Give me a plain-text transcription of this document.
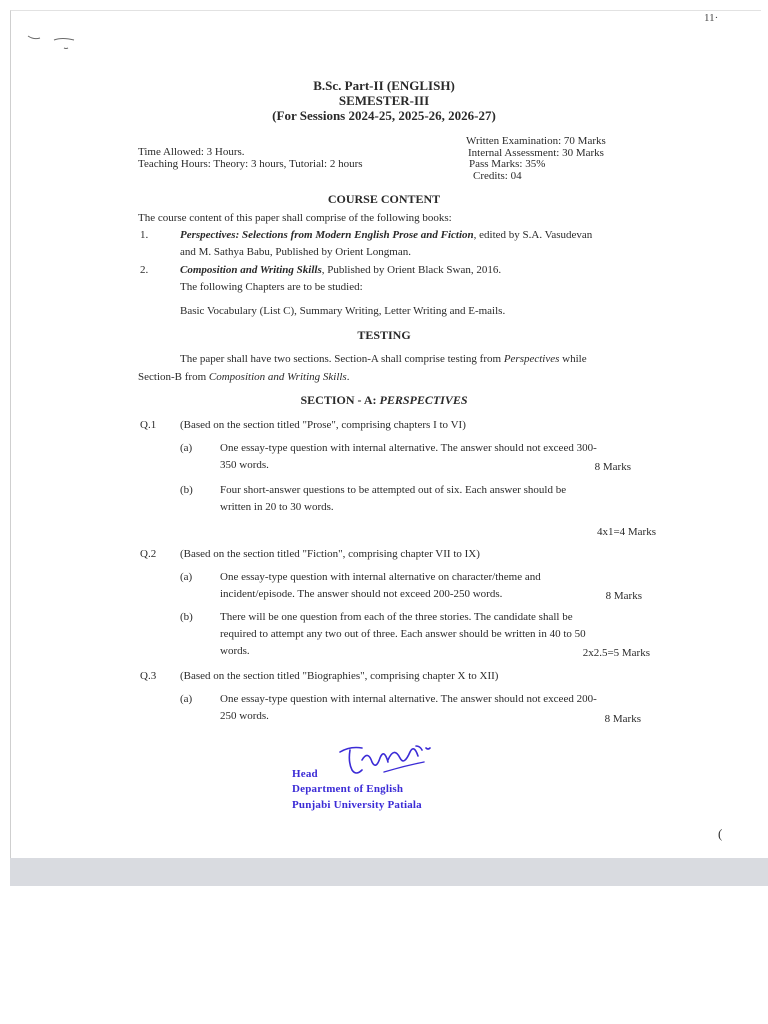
11·
(
B.Sc. Part-II (ENGLISH)
SEMESTER-III
(For Sessions 2024-25, 2025-26, 2026-27)
Written Examination: 70 Marks
Internal Assessment: 30 Marks
Time Allowed: 3 Hours.
Pass Marks: 35%
Teaching Hours: Theory: 3 hours, Tutorial: 2 hours
Credits: 04
COURSE CONTENT
The course content of this paper shall comprise of the following books:
1.	Perspectives: Selections from Modern English Prose and Fiction, edited by S.A. Vasudevan
and M. Sathya Babu, Published by Orient Longman.
2.	Composition and Writing Skills, Published by Orient Black Swan, 2016.
The following Chapters are to be studied:
Basic Vocabulary (List C), Summary Writing, Letter Writing and E-mails.
TESTING
The paper shall have two sections. Section-A shall comprise testing from Perspectives while
Section-B from Composition and Writing Skills.
SECTION - A: PERSPECTIVES
Q.1 (Based on the section titled "Prose", comprising chapters I to VI)
(a)	One essay-type question with internal alternative. The answer should not exceed 300-
350 words.	8 Marks
(b) Four short-answer questions to be attempted out of six. Each answer should be
written in 20 to 30 words.
4x1=4 Marks
Q.2 (Based on the section titled "Fiction", comprising chapter VII to IX)
(a)	One essay-type question with internal alternative on character/theme and
incident/episode. The answer should not exceed 200-250 words.	8 Marks
(b) There will be one question from each of the three stories. The candidate shall be
required to attempt any two out of three. Each answer should be written in 40 to 50
words.	2x2.5=5 Marks
Q.3 (Based on the section titled "Biographies", comprising chapter X to XII)
(a)	One essay-type question with internal alternative. The answer should not exceed 200-
250 words.	8 Marks
Head
Department of English
Punjabi University Patiala
